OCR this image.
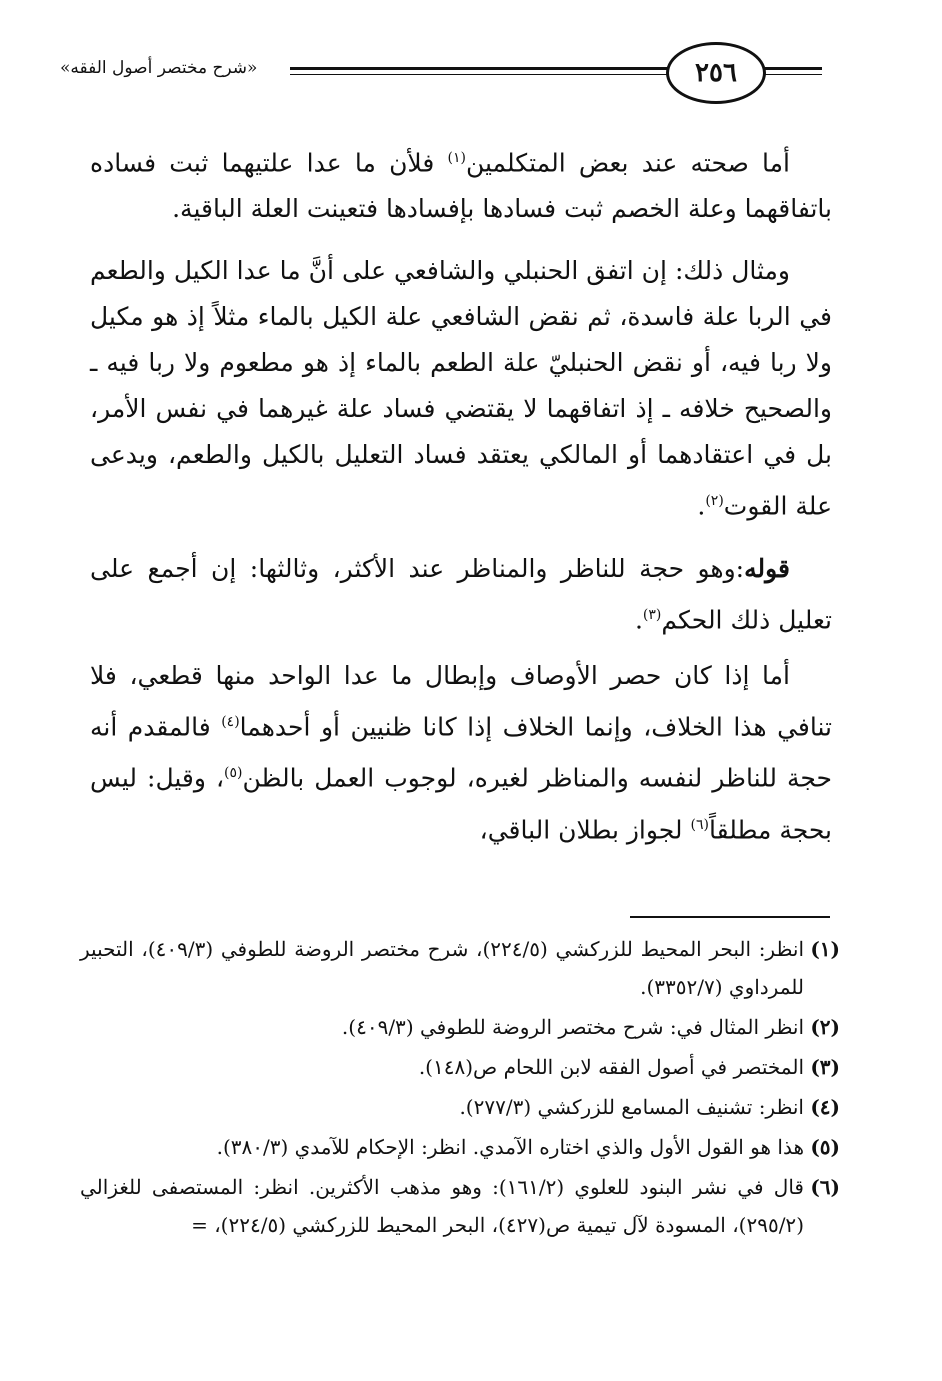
٢٥٦
«شرح مختصر أصول الفقه»

أما صحته عند بعض المتكلمين$^{(١)}$ فلأن ما عدا علتيهما ثبت فساده باتفاقهما وعلة الخصم ثبت فسادها بإفسادها فتعينت العلة الباقية.

ومثال ذلك: إن اتفق الحنبلي والشافعي على أنَّ ما عدا الكيل والطعم في الربا علة فاسدة، ثم نقض الشافعي علة الكيل بالماء مثلاً إذ هو مكيل ولا ربا فيه، أو نقض الحنبليّ علة الطعم بالماء إذ هو مطعوم ولا ربا فيه ـ والصحيح خلافه ـ إذ اتفاقهما لا يقتضي فساد علة غيرهما في نفس الأمر، بل في اعتقادهما أو المالكي يعتقد فساد التعليل بالكيل والطعم، ويدعى علة القوت$^{(٢)}$.

قوله:وهو حجة للناظر والمناظر عند الأكثر، وثالثها: إن أجمع على تعليل ذلك الحكم$^{(٣)}$.

أما إذا كان حصر الأوصاف وإبطال ما عدا الواحد منها قطعي، فلا تنافي هذا الخلاف، وإنما الخلاف إذا كانا ظنيين أو أحدهما$^{(٤)}$ فالمقدم أنه حجة للناظر لنفسه والمناظر لغيره، لوجوب العمل بالظن$^{(٥)}$، وقيل: ليس بحجة مطلقاً$^{(٦)}$ لجواز بطلان الباقي،

(١)
انظر: البحر المحيط للزركشي (٢٢٤/٥)، شرح مختصر الروضة للطوفي (٤٠٩/٣)، التحبير للمرداوي (٣٣٥٢/٧).
(٢)
انظر المثال في: شرح مختصر الروضة للطوفي (٤٠٩/٣).
(٣)
المختصر في أصول الفقه لابن اللحام ص(١٤٨).
(٤)
انظر: تشنيف المسامع للزركشي (٢٧٧/٣).
(٥)
هذا هو القول الأول والذي اختاره الآمدي. انظر: الإحكام للآمدي (٣٨٠/٣).
(٦)
قال في نشر البنود للعلوي (١٦١/٢): وهو مذهب الأكثرين. انظر: المستصفى للغزالي (٢٩٥/٢)، المسودة لآل تيمية ص(٤٢٧)، البحر المحيط للزركشي (٢٢٤/٥)، =
